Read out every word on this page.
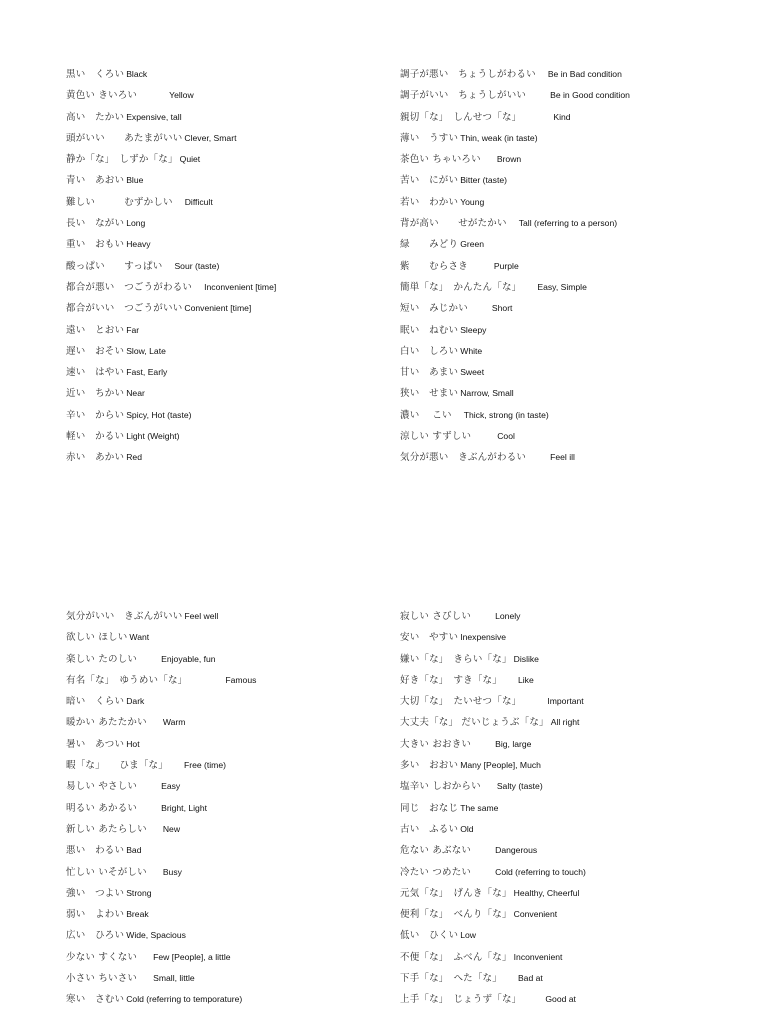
黒い　くろい Black
黄色い きいろい	Yellow
高い　たかい Expensive, tall
頭がいい　　あたまがいい Clever, Smart
静か「な」　しずか「な」 Quiet
青い　あおい Blue
難しい　　　むずかしい Difficult
長い　ながい Long
重い　おもい Heavy
酸っぱい　　すっぱい Sour (taste)
都合が悪い　つごうがわるい Inconvenient [time]
都合がいい　つごうがいい Convenient [time]
遠い　とおい Far
遅い　おそい Slow, Late
速い　はやい Fast, Early
近い　ちかい Near
辛い　からい Spicy, Hot (taste)
軽い　かるい Light (Weight)
赤い　あかい Red
調子が悪い　ちょうしがわるい Be in Bad condition
調子がいい　ちょうしがいい	Be in Good condition
親切「な」　しんせつ「な」	Kind
薄い　うすい Thin, weak (in taste)
茶色い ちゃいろい Brown
苦い　にがい Bitter (taste)
若い　わかい Young
背が高い　　せがたかい Tall (referring to a person)
緑　　みどり Green
紫　　むらさき	Purple
簡単「な」　かんたん「な」 Easy, Simple
短い　みじかい	Short
眠い　ねむい Sleepy
白い　しろい White
甘い　あまい Sweet
狭い　せまい Narrow, Small
濃い　 こい Thick, strong (in taste)
涼しい すずしい	Cool
気分が悪い　きぶんがわるい	Feel ill
気分がいい　きぶんがいい Feel well
欲しい ほしい Want
楽しい たのしい	Enjoyable, fun
有名「な」　ゆうめい「な」	Famous
暗い　くらい Dark
暖かい あたたかい Warm
暑い　あつい Hot
暇「な」　　ひま「な」 Free (time)
易しい やさしい	Easy
明るい あかるい	Bright, Light
新しい あたらしい New
悪い　わるい Bad
忙しい いそがしい Busy
強い　つよい Strong
弱い　よわい Break
広い　ひろい Wide, Spacious
少ない すくない Few [People], a little
小さい ちいさい Small, little
寒い　さむい Cold (referring to temporature)
寂しい さびしい	Lonely
安い　やすい Inexpensive
嫌い「な」　きらい「な」 Dislike
好き「な」　すき「な」 Like
大切「な」　たいせつ「な」	Important
大丈夫「な」 だいじょうぶ「な」 All right
大きい おおきい	Big, large
多い　おおい Many [People], Much
塩辛い しおからい Salty (taste)
同じ　おなじ The same
古い　ふるい Old
危ない あぶない	Dangerous
冷たい つめたい	Cold (referring to touch)
元気「な」　げんき「な」 Healthy, Cheerful
便利「な」　べんり「な」 Convenient
低い　ひくい Low
不便「な」　ふべん「な」 Inconvenient
下手「な」　へた「な」 Bad at
上手「な」　じょうず「な」	Good at
